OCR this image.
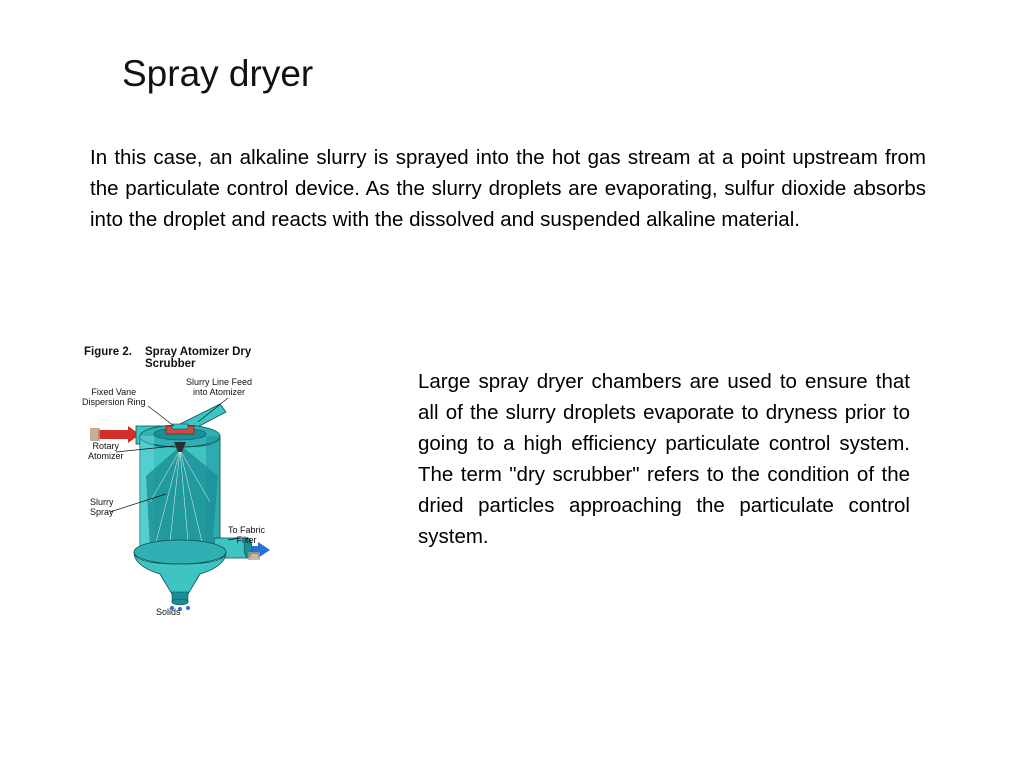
Spray dryer
In this case, an alkaline slurry is sprayed into the hot gas stream at a point upstream from the particulate control device. As the slurry droplets are evaporating, sulfur dioxide absorbs into the droplet and reacts with the dissolved and suspended alkaline material.
Figure 2. Spray Atomizer Dry
Scrubber
Slurry Line Feed
into Atomizer
Fixed Vane
Dispersion Ring
Rotary
Atomizer
Slurry
Spray
To Fabric
Filter
Solids
Large spray dryer chambers are used to ensure that all of the slurry droplets evaporate to dryness prior to going to a high efficiency particulate control system. The term "dry scrubber" refers to the condition of the dried particles approaching the particulate control system.
